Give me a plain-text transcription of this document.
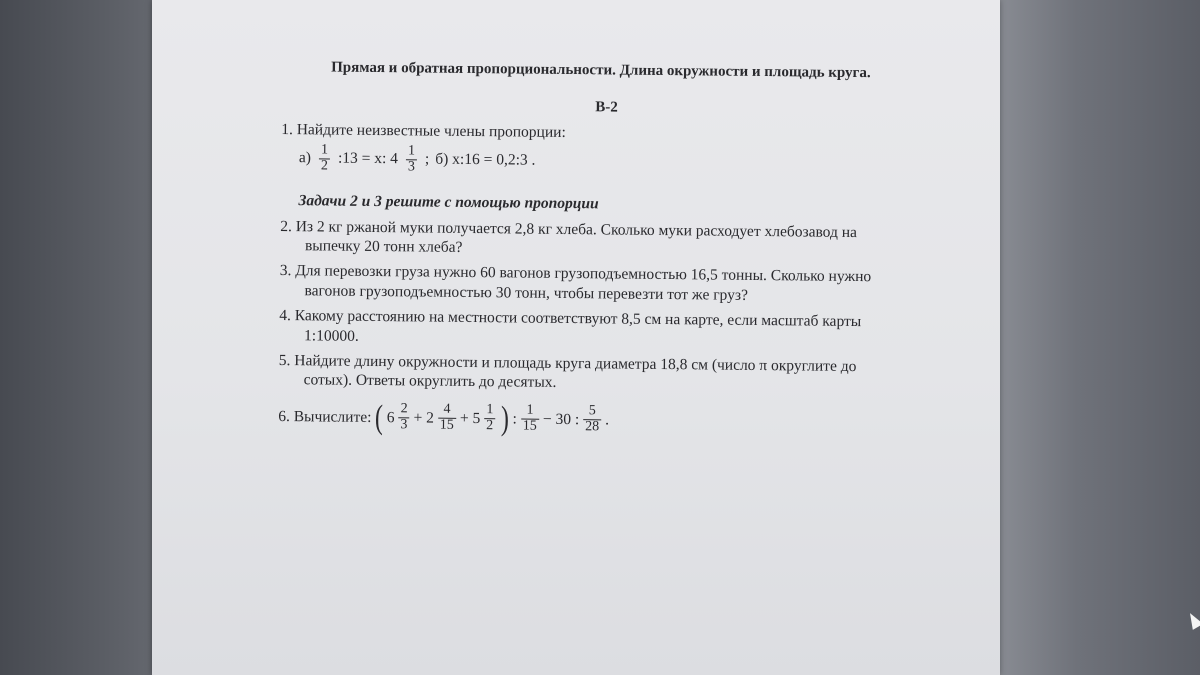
Прямая и обратная пропорциональности. Длина окружности и площадь круга.
В-2
1. Найдите неизвестные члены пропорции:
$а) \frac{1}{2}$ :13 = x: $4 \frac{1}{3}$ ; б) x:16 = 0,2:3 .
Задачи 2 и 3 решите с помощью пропорции
2. Из 2 кг ржаной муки получается 2,8 кг хлеба. Сколько муки расходует хлебозавод на
выпечку 20 тонн хлеба?
3. Для перевозки груза нужно 60 вагонов грузоподъемностью 16,5 тонны. Сколько нужно
вагонов грузоподъемностью 30 тонн, чтобы перевезти тот же груз?
4. Какому расстоянию на местности соответствуют 8,5 см на карте, если масштаб карты
1:10000.
5. Найдите длину окружности и площадь круга диаметра 18,8 см (число π округлите до
сотых). Ответы округлить до десятых.
6. Вычислите: ( $6 \frac{2}{3} + 2 \frac{4}{15} + 5 \frac{1}{2}$ ) : $\frac{1}{15} - 30$ : $\frac{5}{28}$ .
